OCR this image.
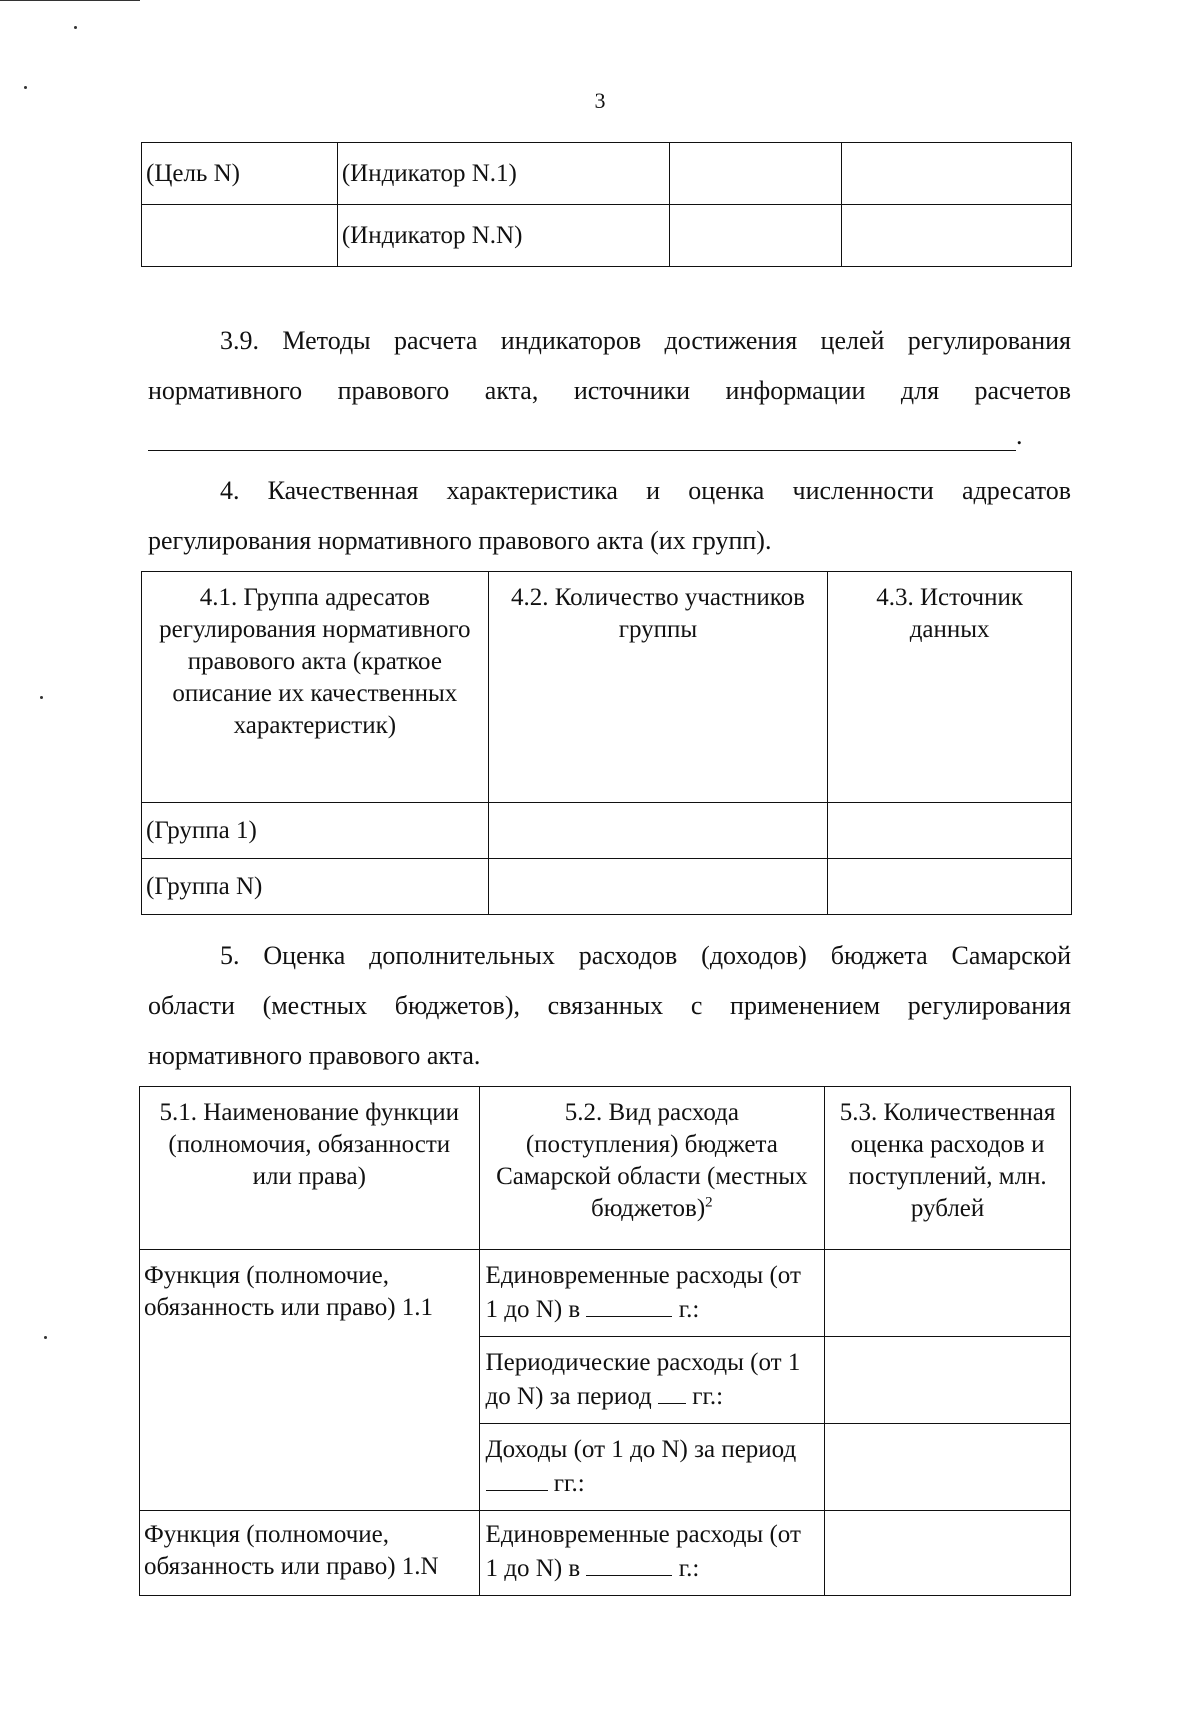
3
(Цель N)	(Индикатор N.1)		
	(Индикатор N.N)		
3.9. Методы расчета индикаторов достижения целей регулирования
нормативного правового акта, источники информации для расчетов
.
4. Качественная характеристика и оценка численности адресатов
регулирования нормативного правового акта (их групп).
4.1. Группа адресатов регулирования нормативного правового акта (краткое описание их качественных характеристик)	4.2. Количество участников группы	4.3. Источник данных
(Группа 1)		
(Группа N)		
5. Оценка дополнительных расходов (доходов) бюджета Самарской
области (местных бюджетов), связанных с применением регулирования
нормативного правового акта.
5.1. Наименование функции (полномочия, обязанности или права)	5.2. Вид расхода (поступления) бюджета Самарской области (местных бюджетов)$^2$	5.3. Количественная оценка расходов и поступлений, млн. рублей
Функция (полномочие, обязанность или право) 1.1	Единовременные расходы (от 1 до N) в г.:	
	Периодические расходы (от 1 до N) за период гг.:	
	Доходы (от 1 до N) за период  гг.:	
Функция (полномочие, обязанность или право) 1.N	Единовременные расходы (от 1 до N) в г.:	
